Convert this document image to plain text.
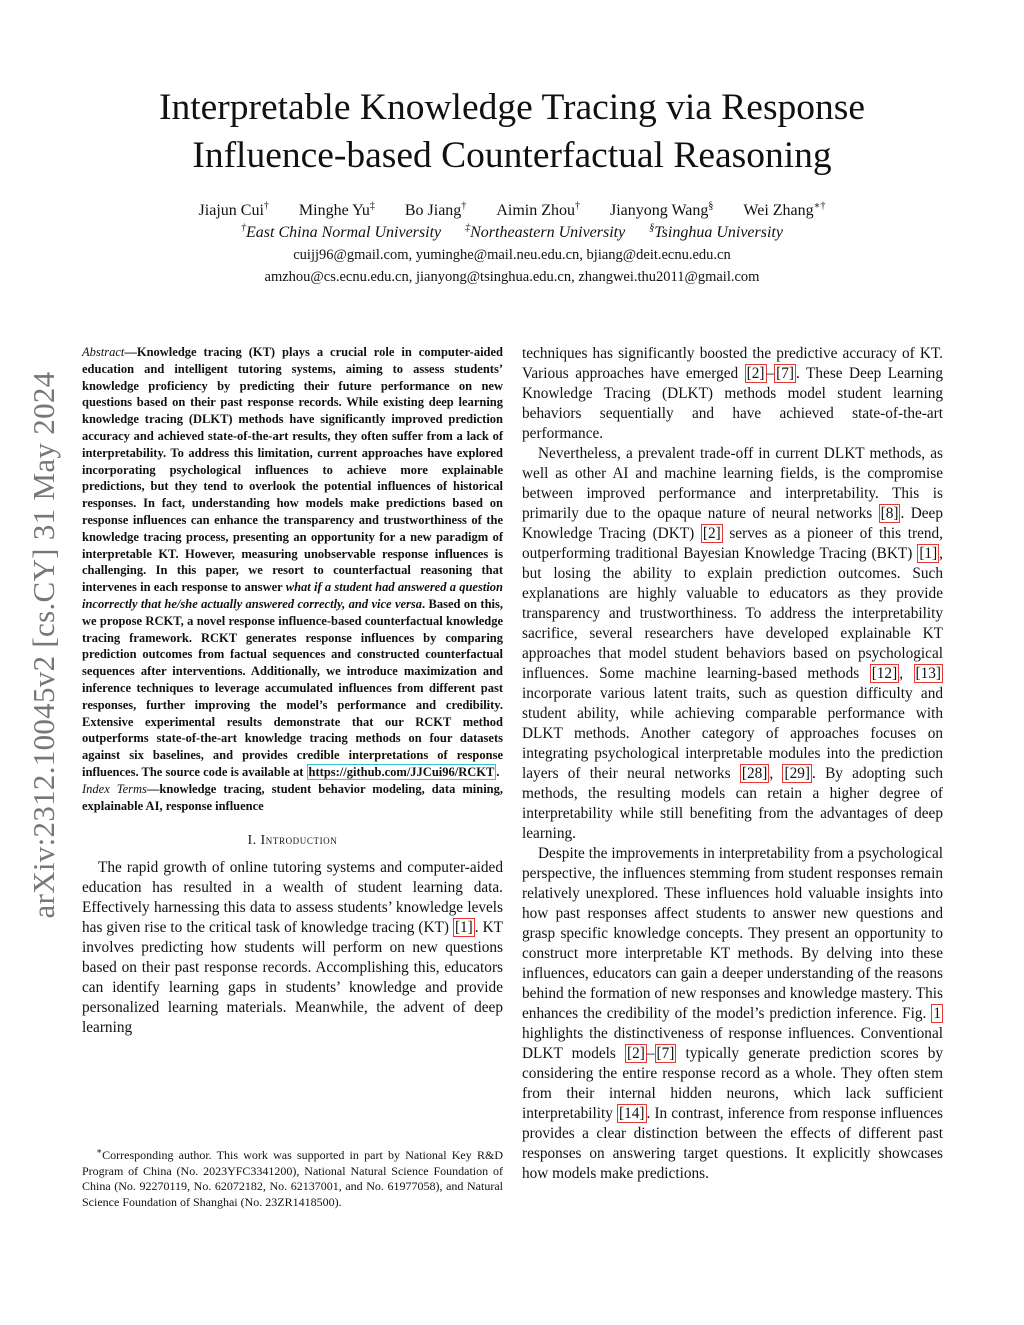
arXiv:2312.10045v2 [cs.CY] 31 May 2024
Interpretable Knowledge Tracing via Response
Influence-based Counterfactual Reasoning
Jiajun Cui† Minghe Yu‡ Bo Jiang† Aimin Zhou† Jianyong Wang§ Wei Zhang∗†
†East China Normal University ‡Northeastern University §Tsinghua University
cuijj96@gmail.com, yuminghe@mail.neu.edu.cn, bjiang@deit.ecnu.edu.cn
amzhou@cs.ecnu.edu.cn, jianyong@tsinghua.edu.cn, zhangwei.thu2011@gmail.com

Abstract—Knowledge tracing (KT) plays a crucial role in computer-aided education and intelligent tutoring systems, aiming to assess students’ knowledge proficiency by predicting their future performance on new questions based on their past response records. While existing deep learning knowledge tracing (DLKT) methods have significantly improved prediction accuracy and achieved state-of-the-art results, they often suffer from a lack of interpretability. To address this limitation, current approaches have explored incorporating psychological influences to achieve more explainable predictions, but they tend to overlook the potential influences of historical responses. In fact, understanding how models make predictions based on response influences can enhance the transparency and trustworthiness of the knowledge tracing process, presenting an opportunity for a new paradigm of interpretable KT. However, measuring unobservable response influences is challenging. In this paper, we resort to counterfactual reasoning that intervenes in each response to answer what if a student had answered a question incorrectly that he/she actually answered correctly, and vice versa. Based on this, we propose RCKT, a novel response influence-based counterfactual knowledge tracing framework. RCKT generates response influences by comparing prediction outcomes from factual sequences and constructed counterfactual sequences after interventions. Additionally, we introduce maximization and inference techniques to leverage accumulated influences from different past responses, further improving the model’s performance and credibility. Extensive experimental results demonstrate that our RCKT method outperforms state-of-the-art knowledge tracing methods on four datasets against six baselines, and provides credible interpretations of response influences. The source code is available at https://github.com/JJCui96/RCKT .

Index Terms—knowledge tracing, student behavior modeling, data mining, explainable AI, response influence

I. Introduction

The rapid growth of online tutoring systems and computer-aided education has resulted in a wealth of student learning data. Effectively harnessing this data to assess students’ knowledge levels has given rise to the critical task of knowledge tracing (KT) [1] . KT involves predicting how students will perform on new questions based on their past response records. Accomplishing this, educators can identify learning gaps in students’ knowledge and provide personalized learning materials. Meanwhile, the advent of deep learning

∗Corresponding author. This work was supported in part by National Key R&D Program of China (No. 2023YFC3341200), National Natural Science Foundation of China (No. 92270119, No. 62072182, No. 62137001, and No. 61977058), and Natural Science Foundation of Shanghai (No. 23ZR1418500).

techniques has significantly boosted the predictive accuracy of KT. Various approaches have emerged [2] – [7] . These Deep Learning Knowledge Tracing (DLKT) methods model student learning behaviors sequentially and have achieved state-of-the-art performance.

Nevertheless, a prevalent trade-off in current DLKT methods, as well as other AI and machine learning fields, is the compromise between improved performance and interpretability. This is primarily due to the opaque nature of neural networks [8] . Deep Knowledge Tracing (DKT) [2] serves as a pioneer of this trend, outperforming traditional Bayesian Knowledge Tracing (BKT) [1] , but losing the ability to explain prediction outcomes. Such explanations are highly valuable to educators as they provide transparency and trustworthiness. To address the interpretability sacrifice, several researchers have developed explainable KT approaches that model student behaviors based on psychological influences. Some machine learning-based methods [12] , [13] incorporate various latent traits, such as question difficulty and student ability, while achieving comparable performance with DLKT methods. Another category of approaches focuses on integrating psychological interpretable modules into the prediction layers of their neural networks [28] , [29] . By adopting such methods, the resulting models can retain a higher degree of interpretability while still benefiting from the advantages of deep learning.

Despite the improvements in interpretability from a psychological perspective, the influences stemming from student responses remain relatively unexplored. These influences hold valuable insights into how past responses affect students to answer new questions and grasp specific knowledge concepts. They present an opportunity to construct more interpretable KT methods. By delving into these influences, educators can gain a deeper understanding of the reasons behind the formation of new responses and knowledge mastery. This enhances the credibility of the model’s prediction inference. Fig. 1 highlights the distinctiveness of response influences. Conventional DLKT models [2] – [7] typically generate prediction scores by considering the entire response record as a whole. They often stem from their internal hidden neurons, which lack sufficient interpretability [14] . In contrast, inference from response influences provides a clear distinction between the effects of different past responses on answering target questions. It explicitly showcases how models make predictions.
